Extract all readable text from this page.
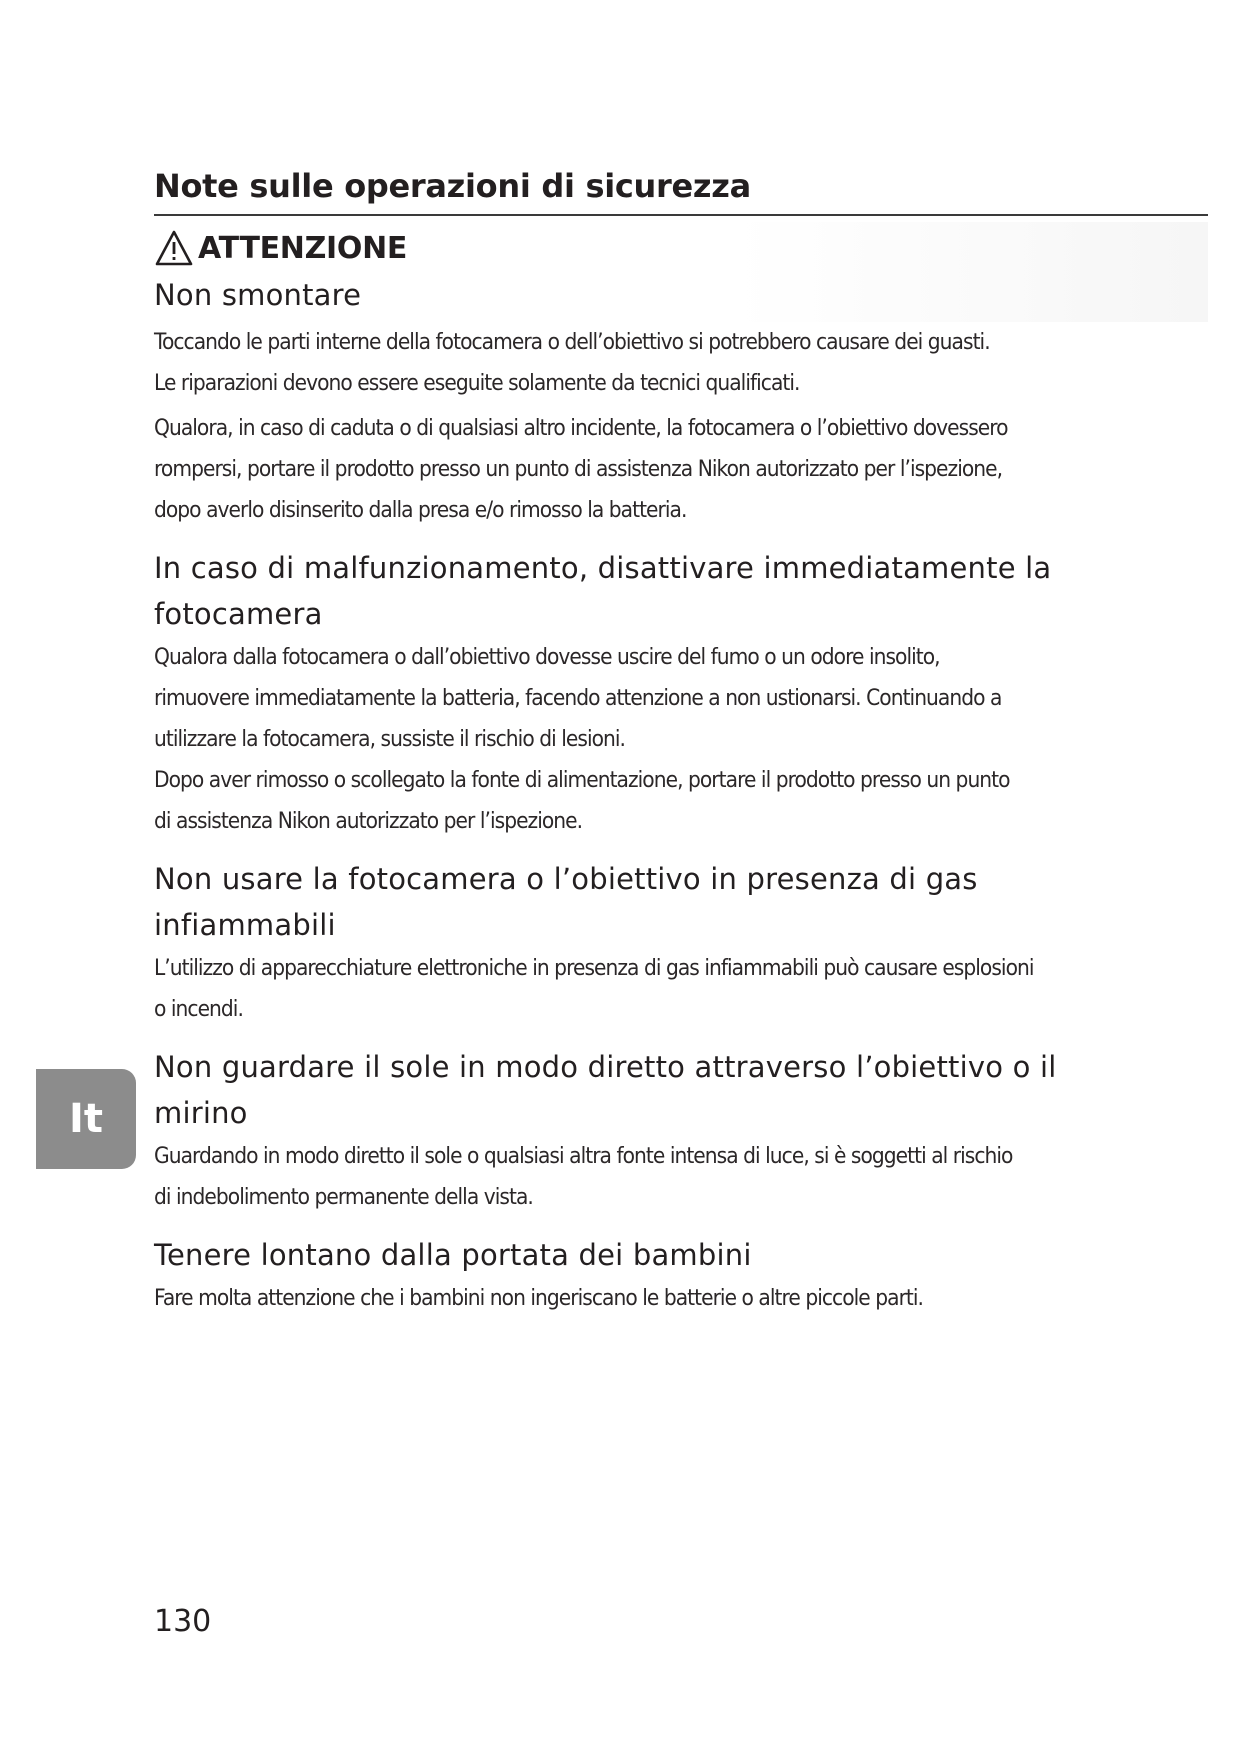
Note sulle operazioni di sicurezza
ATTENZIONE
Non smontare

Toccando le parti interne della fotocamera o dell’obiettivo si potrebbero causare dei guasti.

Le riparazioni devono essere eseguite solamente da tecnici qualificati.

Qualora, in caso di caduta o di qualsiasi altro incidente, la fotocamera o l’obiettivo dovessero

rompersi, portare il prodotto presso un punto di assistenza Nikon autorizzato per l’ispezione,

dopo averlo disinserito dalla presa e/o rimosso la batteria.

In caso di malfunzionamento, disattivare immediatamente la
fotocamera

Qualora dalla fotocamera o dall’obiettivo dovesse uscire del fumo o un odore insolito,

rimuovere immediatamente la batteria, facendo attenzione a non ustionarsi. Continuando a

utilizzare la fotocamera, sussiste il rischio di lesioni.

Dopo aver rimosso o scollegato la fonte di alimentazione, portare il prodotto presso un punto

di assistenza Nikon autorizzato per l’ispezione.

Non usare la fotocamera o l’obiettivo in presenza di gas
infiammabili

L’utilizzo di apparecchiature elettroniche in presenza di gas infiammabili può causare esplosioni

o incendi.

Non guardare il sole in modo diretto attraverso l’obiettivo o il
mirino

Guardando in modo diretto il sole o qualsiasi altra fonte intensa di luce, si è soggetti al rischio

di indebolimento permanente della vista.

Tenere lontano dalla portata dei bambini

Fare molta attenzione che i bambini non ingeriscano le batterie o altre piccole parti.

It

130
